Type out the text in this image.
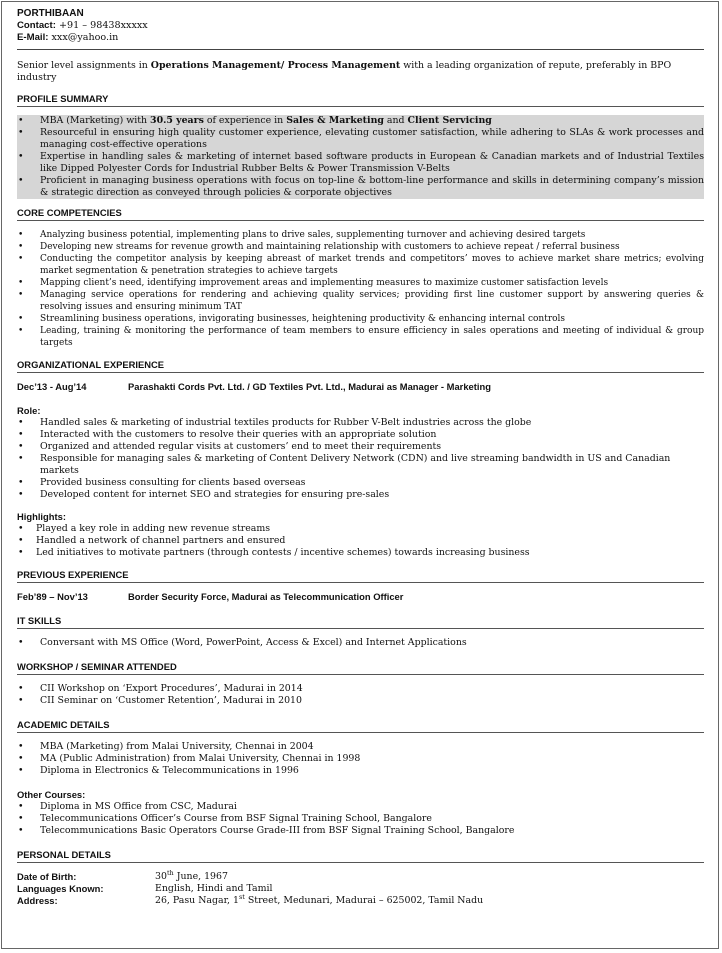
PORTHIBAAN
Contact: +91 – 98438xxxxx
E-Mail: xxx@yahoo.in
Senior level assignments in Operations Management/ Process Management with a leading organization of repute, preferably in BPO industry
PROFILE SUMMARY
• MBA (Marketing) with 30.5 years of experience in Sales & Marketing and Client Servicing
• Resourceful in ensuring high quality customer experience, elevating customer satisfaction, while adhering to SLAs & work processes and managing cost-effective operations
• Expertise in handling sales & marketing of internet based software products in European & Canadian markets and of Industrial Textiles like Dipped Polyester Cords for Industrial Rubber Belts & Power Transmission V-Belts
• Proficient in managing business operations with focus on top-line & bottom-line performance and skills in determining company’s mission & strategic direction as conveyed through policies & corporate objectives
CORE COMPETENCIES
• Analyzing business potential, implementing plans to drive sales, supplementing turnover and achieving desired targets
• Developing new streams for revenue growth and maintaining relationship with customers to achieve repeat / referral business
• Conducting the competitor analysis by keeping abreast of market trends and competitors’ moves to achieve market share metrics; evolving market segmentation & penetration strategies to achieve targets
• Mapping client’s need, identifying improvement areas and implementing measures to maximize customer satisfaction levels
• Managing service operations for rendering and achieving quality services; providing first line customer support by answering queries & resolving issues and ensuring minimum TAT
• Streamlining business operations, invigorating businesses, heightening productivity & enhancing internal controls
• Leading, training & monitoring the performance of team members to ensure efficiency in sales operations and meeting of individual & group targets
ORGANIZATIONAL EXPERIENCE
Dec’13 - Aug’14	Parashakti Cords Pvt. Ltd. / GD Textiles Pvt. Ltd., Madurai as Manager - Marketing
Role:
• Handled sales & marketing of industrial textiles products for Rubber V-Belt industries across the globe
• Interacted with the customers to resolve their queries with an appropriate solution
• Organized and attended regular visits at customers’ end to meet their requirements
• Responsible for managing sales & marketing of Content Delivery Network (CDN) and live streaming bandwidth in US and Canadian markets
• Provided business consulting for clients based overseas
• Developed content for internet SEO and strategies for ensuring pre-sales
Highlights:
• Played a key role in adding new revenue streams
• Handled a network of channel partners and ensured
• Led initiatives to motivate partners (through contests / incentive schemes) towards increasing business
PREVIOUS EXPERIENCE
Feb’89 – Nov’13	Border Security Force, Madurai as Telecommunication Officer
IT SKILLS
• Conversant with MS Office (Word, PowerPoint, Access & Excel) and Internet Applications
WORKSHOP / SEMINAR ATTENDED
• CII Workshop on ‘Export Procedures’, Madurai in 2014
• CII Seminar on ‘Customer Retention’, Madurai in 2010
ACADEMIC DETAILS
• MBA (Marketing) from Malai University, Chennai in 2004
• MA (Public Administration) from Malai University, Chennai in 1998
• Diploma in Electronics & Telecommunications in 1996
Other Courses:
• Diploma in MS Office from CSC, Madurai
• Telecommunications Officer’s Course from BSF Signal Training School, Bangalore
• Telecommunications Basic Operators Course Grade-III from BSF Signal Training School, Bangalore
PERSONAL DETAILS
Date of Birth:	30th June, 1967
Languages Known:	English, Hindi and Tamil
Address:	26, Pasu Nagar, 1st Street, Medunari, Madurai – 625002, Tamil Nadu
